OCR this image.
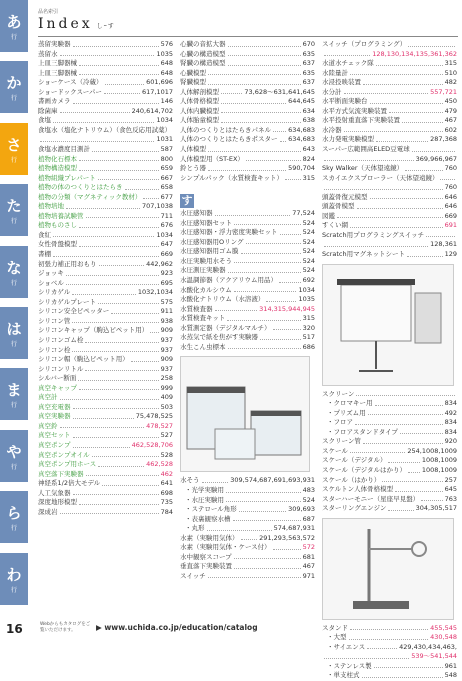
あ
行
か
行
さ
行
た
行
な
行
は
行
ま
行
や
行
ら
行
わ
行
品名索引
Index しｰす
蒸留実験器	576
蒸留水	1035
上皿三脚器械	648
上皿三脚器械	648
ショーケース（冷蔵）	601,696
ショードックスーパー	617,1017
書画カメラ	146
除菌庫	240,614,702
食塩	1034
食塩水（塩化ナトリウム）（食色反応用試薬）
1031
食塩水濃度目測計	587
植物化石標本	800
植物構造模型	659
植物組織プレパート	667
植物の体のつくりとはたらき	658
植物の分類（マグネティック教材）	677
植物培地	707,1038
植物培養試験管	711
植物ものさし	676
食紅	1034
女性骨盤模型	647
書棚	669
初張力補正用おもり	442,962
ジョッキ	923
ショベル	695
シリカゲル	1032,1034
シリカゲルプレート	575
シリコン安全ピペッター	911
シリコン管	938
シリコンキャップ（駒込ピペット用） 909
シリコンゴム栓	937
シリコン栓	937
シリコン帽（駒込ピペット用）	909
シリコンリトル	937
シルバー断面	258
真空キャップ	999
真空計	409
真空充電器	503
真空実験器	75,478,525
真空鈴	478,527
真空セット	527
真空ポンプ	462,528,706
真空ポンプオイル	528
真空ポンプ用ホース	462,528
真空落下実験器	462
神経系1/2倍大モデル	641
人工気象器	698
深度地形模型	735
深成岩	784
心臓の音拡大器	670
心臓の構造模型	635
腎臓の構造模型	637
心臓模型	635
腎臓模型	637
人体解剖模型	73,628〜631,641,645
人体骨格模型	644,645
人体内臓模型	634
人体胎童模型	638
人体のつくりとはたらきパネル	634,683
人体のつくりとはたらきポスター 634,683
人体模型	643
人体模型用（ST-EX）	824
鈴とう器	590,704
シンプルパック（水質検査キット）	315
す
水圧感知器	77,524
水圧感知器セット	524
水圧感知器・浮力密度実験セット	524
水圧感知器用Oリング	524
水圧感知器用ゴム膜	524
水圧実験用水そう	524
水圧測圧実験器	524
水温調節器（アクアリウム用品）	692
水酸化カルシウム	1034
水酸化ナトリウム（水溶液）	1035
水質検査器	314,315,944,945
水質検査キット	315
水質測定器（デジタルマルチ）	320
水蒸気で紙を焦がす実験器	517
水生こん虫標本	686
水そう	309,574,687,691,693,931
・光学実験用	483
・水圧実験用	524
・ステロール角形	309,693
・表裏観察水槽	687
・丸形	574,687,931
水素（実験用気体）	291,293,563,572
水素（実験用気体・ケース付）	572
水中観察スコープ	681
垂直落下実験装置	467
スイッチ	971
スイッチ（プログラミング）
128,130,134,135,361,362
水道水チェック隊	315
水陸量計	510
水浸投映装置	482
水分計	557,721
水平断面実験台	450
水平方式気流実験装置	479
水平投射重直落下実験装置	467
水冷器	602
水力発電実験模型	287,368
スーパー広範囲高ELED豆電球
369,966,967
Sky Walker（天体望遠鏡）	760
スカイエクスプローラー（天体望遠鏡）
760
頭蓋骨復元模型	646
頭蓋骨模型	646
図鑑	669
すくい網	691
Scratch用プログラミングスイッチ
128,361
Scratch用マグネットシート	129
スクリーン
・クロマキー用	834
・プリズム用	492
・フロア	834
・フロアスタンドタイプ	834
スクリーン管	920
スケール	254,1008,1009
スケール（デジタル）	1008,1009
スケール（デジタルはかり） 1008,1009
スケール（はかり）	257
スケルトン人体骨格模型	645
スターハーモニー（星座早見盤）	763
スターリングエンジン	304,305,517
スタンド	455,545
・大型	430,548
・サイエンス	429,430,434,463,
539〜541,544
・ステンレス製	961
・単支柱式	548
16	Webからもカタログをご覧いただけます。	▶ www.uchida.co.jp/education/catalog
